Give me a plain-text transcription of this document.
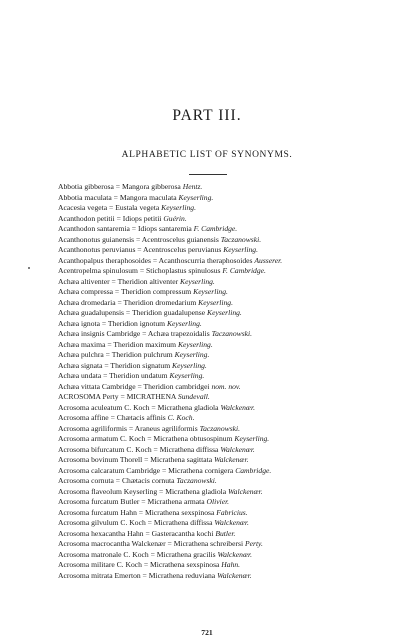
PART III.
ALPHABETIC LIST OF SYNONYMS.
Abbotia gibberosa = Mangora gibberosa Hentz.
Abbotia maculata = Mangora maculata Keyserling.
Acacesia vegeta = Eustala vegeta Keyserling.
Acanthodon petitii = Idiops petitii Guérin.
Acanthodon santaremia = Idiops santaremia F. Cambridge.
Acanthonotus guianensis = Acentroscelus guianensis Taczanowski.
Acanthonotus peruvianus = Acentroscelus peruvianus Keyserling.
Acanthopalpus theraphosoides = Acanthoscurria theraphosoides Ausserer.
Acentropelma spinulosum = Stichoplastus spinulosus F. Cambridge.
Achæa altiventer = Theridion altiventer Keyserling.
Achæa compressa = Theridion compressum Keyserling.
Achæa dromedaria = Theridion dromedarium Keyserling.
Achæa guadalupensis = Theridion guadalupense Keyserling.
Achæa ignota = Theridion ignotum Keyserling.
Achæa insignis Cambridge = Achæa trapezoidalis Taczanowski.
Achæa maxima = Theridion maximum Keyserling.
Achæa pulchra = Theridion pulchrum Keyserling.
Achæa signata = Theridion signatum Keyserling.
Achæa undata = Theridion undatum Keyserling.
Achæa vittata Cambridge = Theridion cambridgei nom. nov.
ACROSOMA Perty = MICRATHENA Sundevall.
Acrosoma aculeatum C. Koch = Micrathena gladiola Walckenær.
Acrosoma affine = Chætacis affinis C. Koch.
Acrosoma agriliformis = Araneus agriliformis Taczanowski.
Acrosoma armatum C. Koch = Micrathena obtusospinum Keyserling.
Acrosoma bifurcatum C. Koch = Micrathena diffissa Walckenær.
Acrosoma bovinum Thorell = Micrathena sagittata Walckenær.
Acrosoma calcaratum Cambridge = Micrathena cornigera Cambridge.
Acrosoma cornuta = Chætacis cornuta Taczanowski.
Acrosoma flaveolum Keyserling = Micrathena gladiola Walckenær.
Acrosoma furcatum Butler = Micrathena armata Olivier.
Acrosoma furcatum Hahn = Micrathena sexspinosa Fabricius.
Acrosoma gilvulum C. Koch = Micrathena diffissa Walckenær.
Acrosoma hexacantha Hahn = Gasteracantha kochi Butler.
Acrosoma macrocantha Walckenær = Micrathena schreibersi Perty.
Acrosoma matronale C. Koch = Micrathena gracilis Walckenær.
Acrosoma militare C. Koch = Micrathena sexspinosa Hahn.
Acrosoma mitrata Emerton = Micrathena reduviana Walckenær.
721
